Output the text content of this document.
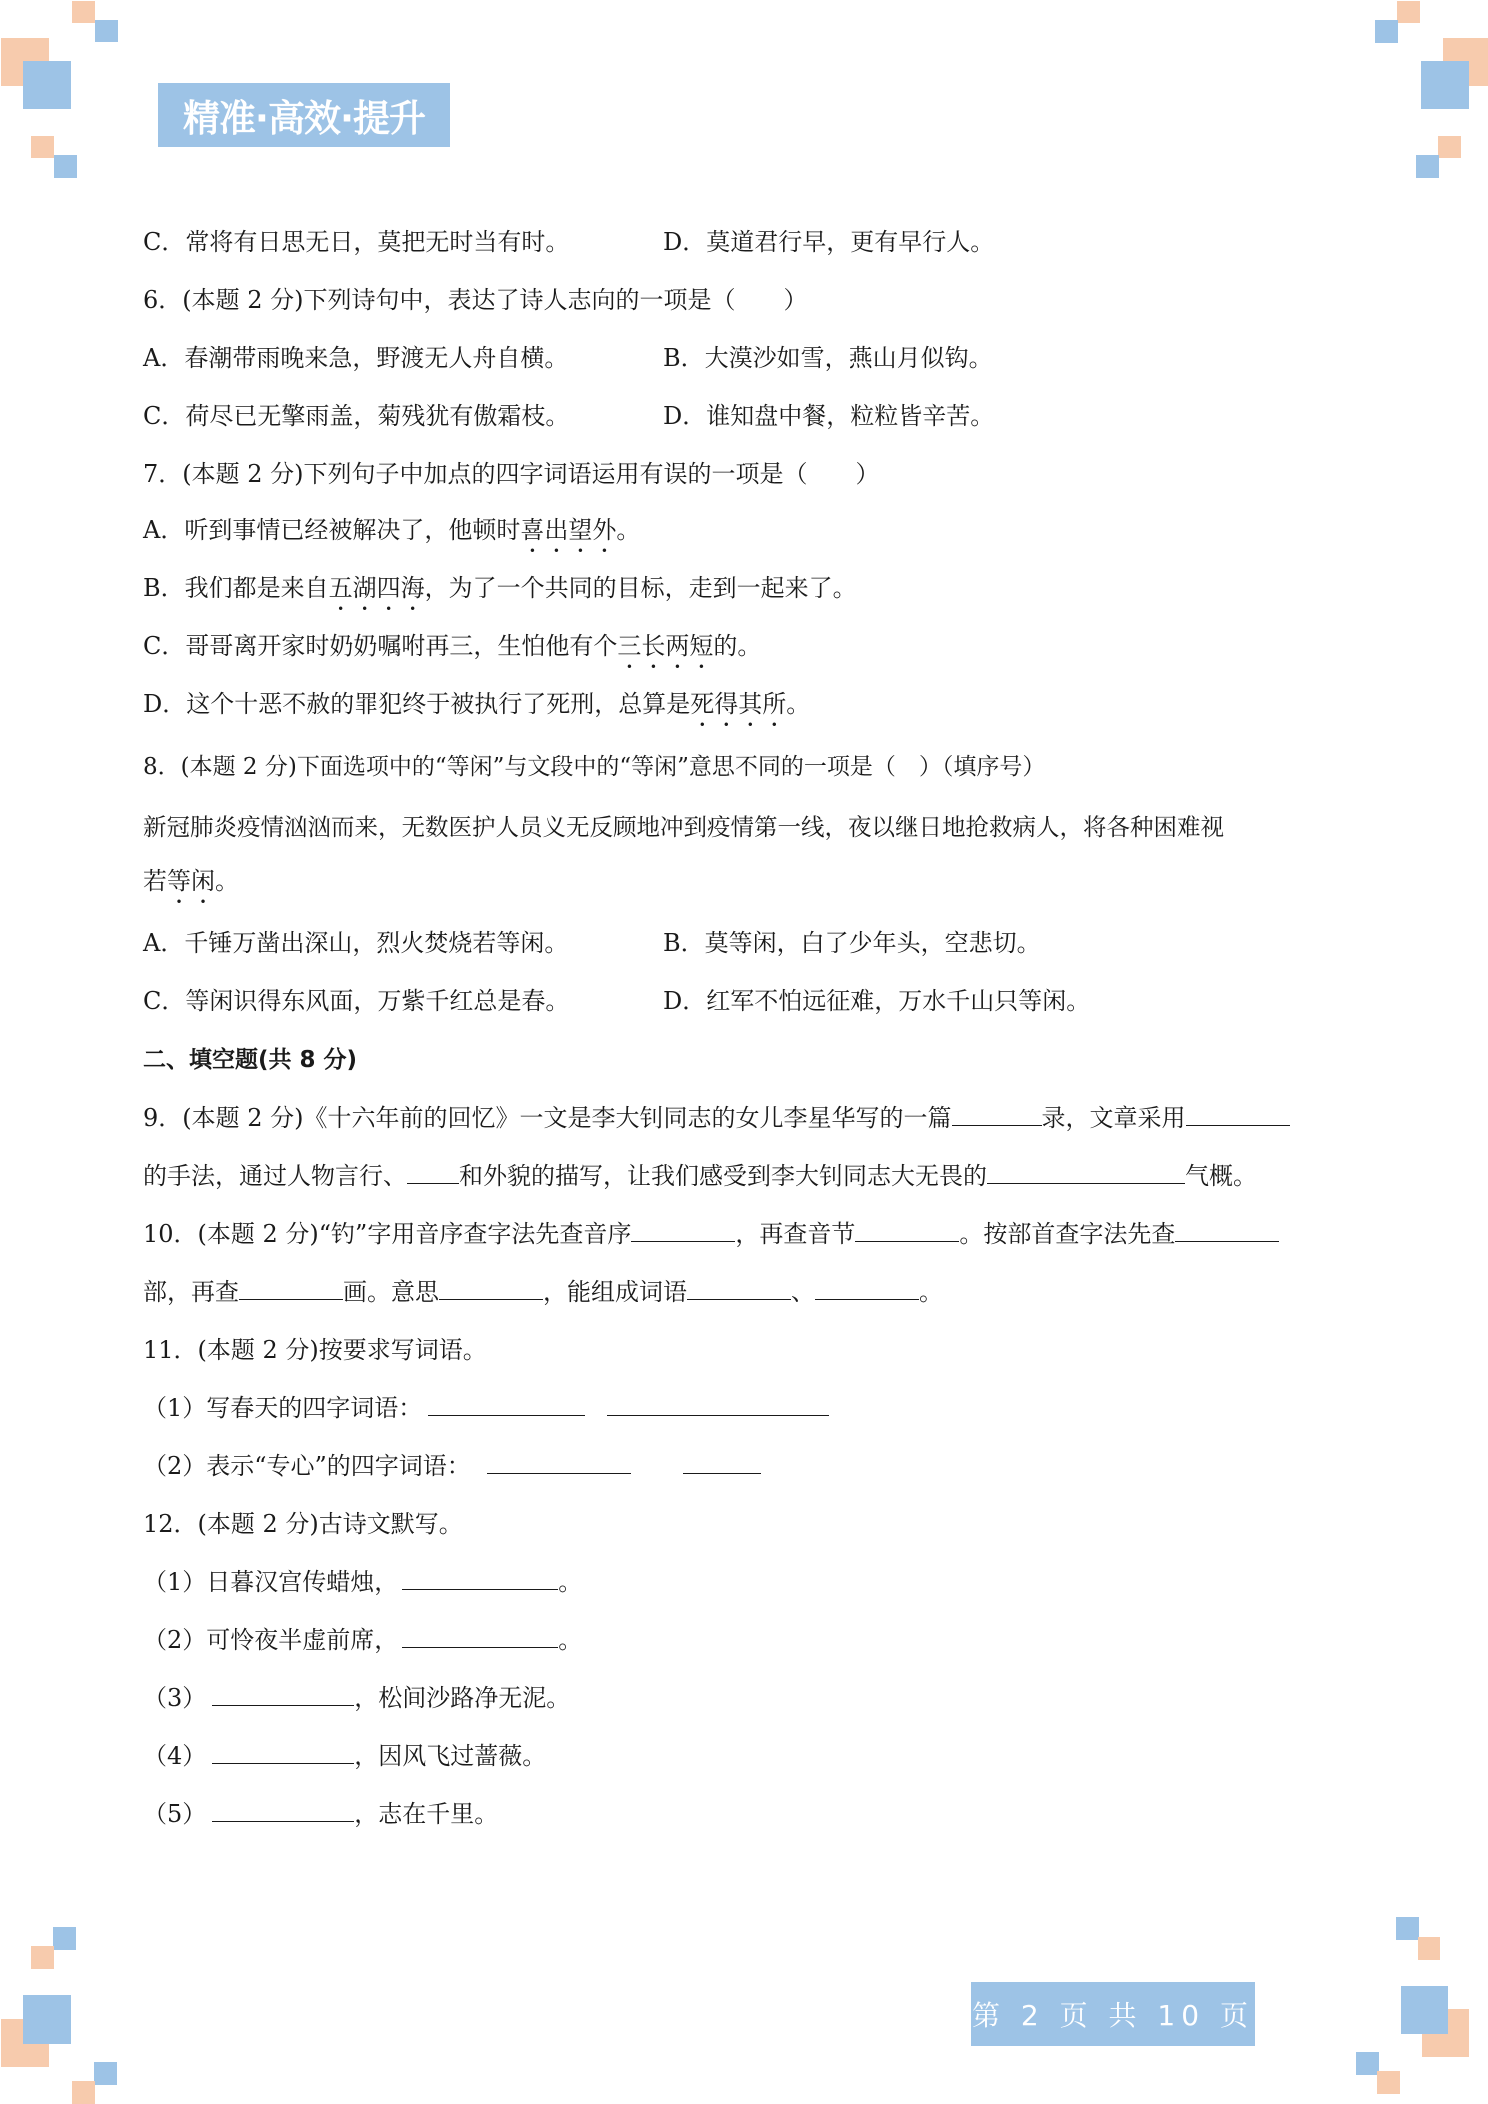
精准·高效·提升
C．常将有日思无日，莫把无时当有时。	D．莫道君行早，更有早行人。
6．(本题 2 分)下列诗句中，表达了诗人志向的一项是（　　）
A．春潮带雨晚来急，野渡无人舟自横。	B．大漠沙如雪，燕山月似钩。
C．荷尽已无擎雨盖，菊残犹有傲霜枝。	D．谁知盘中餐，粒粒皆辛苦。
7．(本题 2 分)下列句子中加点的四字词语运用有误的一项是（　　）
A．听到事情已经被解决了，他顿时喜出望外。
B．我们都是来自五湖四海，为了一个共同的目标，走到一起来了。
C．哥哥离开家时奶奶嘱咐再三，生怕他有个三长两短的。
D．这个十恶不赦的罪犯终于被执行了死刑，总算是死得其所。
8．(本题 2 分)下面选项中的“等闲”与文段中的“等闲”意思不同的一项是（　）（填序号）
新冠肺炎疫情汹汹而来，无数医护人员义无反顾地冲到疫情第一线，夜以继日地抢救病人，将各种困难视
若等闲。
A．千锤万凿出深山，烈火焚烧若等闲。	B．莫等闲，白了少年头，空悲切。
C．等闲识得东风面，万紫千红总是春。	D．红军不怕远征难，万水千山只等闲。
二、填空题(共 8 分)
9．(本题 2 分)《十六年前的回忆》一文是李大钊同志的女儿李星华写的一篇	录，文章采用
的手法，通过人物言行、 和外貌的描写，让我们感受到李大钊同志大无畏的	气概。
10．(本题 2 分)“钓”字用音序查字法先查音序	，再查音节	。按部首查字法先查
部，再查	画。意思	，能组成词语	、	。
11．(本题 2 分)按要求写词语。
（1）写春天的四字词语：
（2）表示“专心”的四字词语：
12．(本题 2 分)古诗文默写。
（1）日暮汉宫传蜡烛，	。
（2）可怜夜半虚前席，	。
（3）	，松间沙路净无泥。
（4）	，因风飞过蔷薇。
（5）	，志在千里。
第 2 页 共 10 页
